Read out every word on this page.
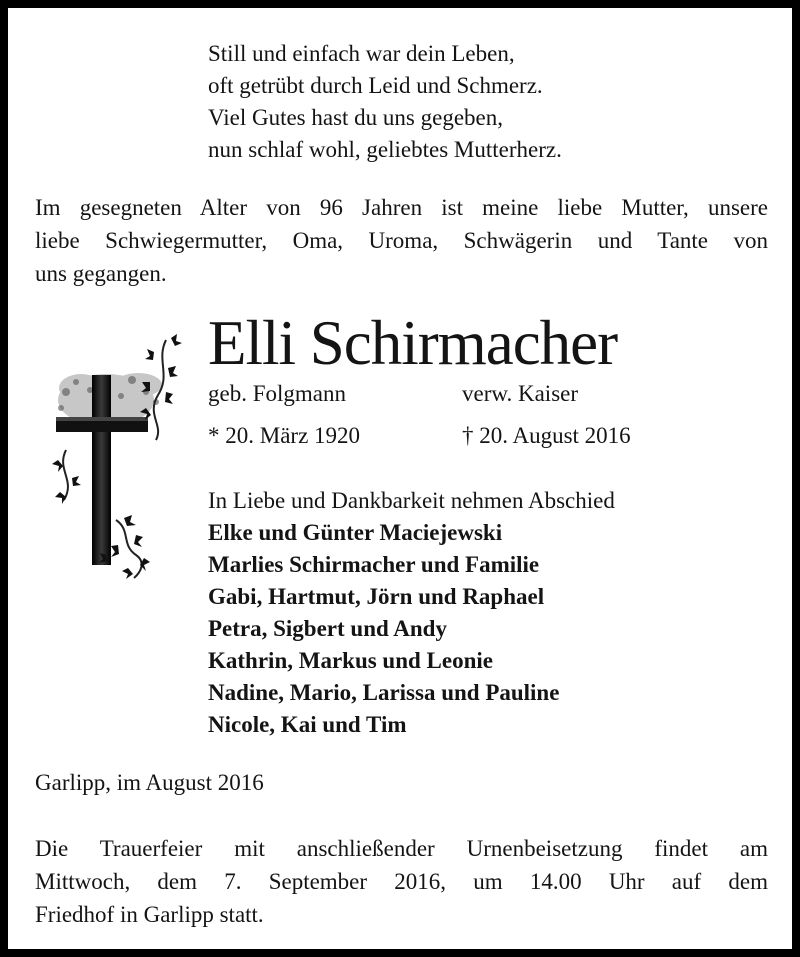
Still und einfach war dein Leben,
oft getrübt durch Leid und Schmerz.
Viel Gutes hast du uns gegeben,
nun schlaf wohl, geliebtes Mutterherz.
Im gesegneten Alter von 96 Jahren ist meine liebe Mutter, unsere
liebe Schwiegermutter, Oma, Uroma, Schwägerin und Tante von
uns gegangen.
Elli Schirmacher
geb. Folgmann	verw. Kaiser
* 20. März 1920	† 20. August 2016
In Liebe und Dankbarkeit nehmen Abschied
Elke und Günter Maciejewski
Marlies Schirmacher und Familie
Gabi, Hartmut, Jörn und Raphael
Petra, Sigbert und Andy
Kathrin, Markus und Leonie
Nadine, Mario, Larissa und Pauline
Nicole, Kai und Tim
Garlipp, im August 2016
Die Trauerfeier mit anschließender Urnenbeisetzung findet am
Mittwoch, dem 7. September 2016, um 14.00 Uhr auf dem
Friedhof in Garlipp statt.
